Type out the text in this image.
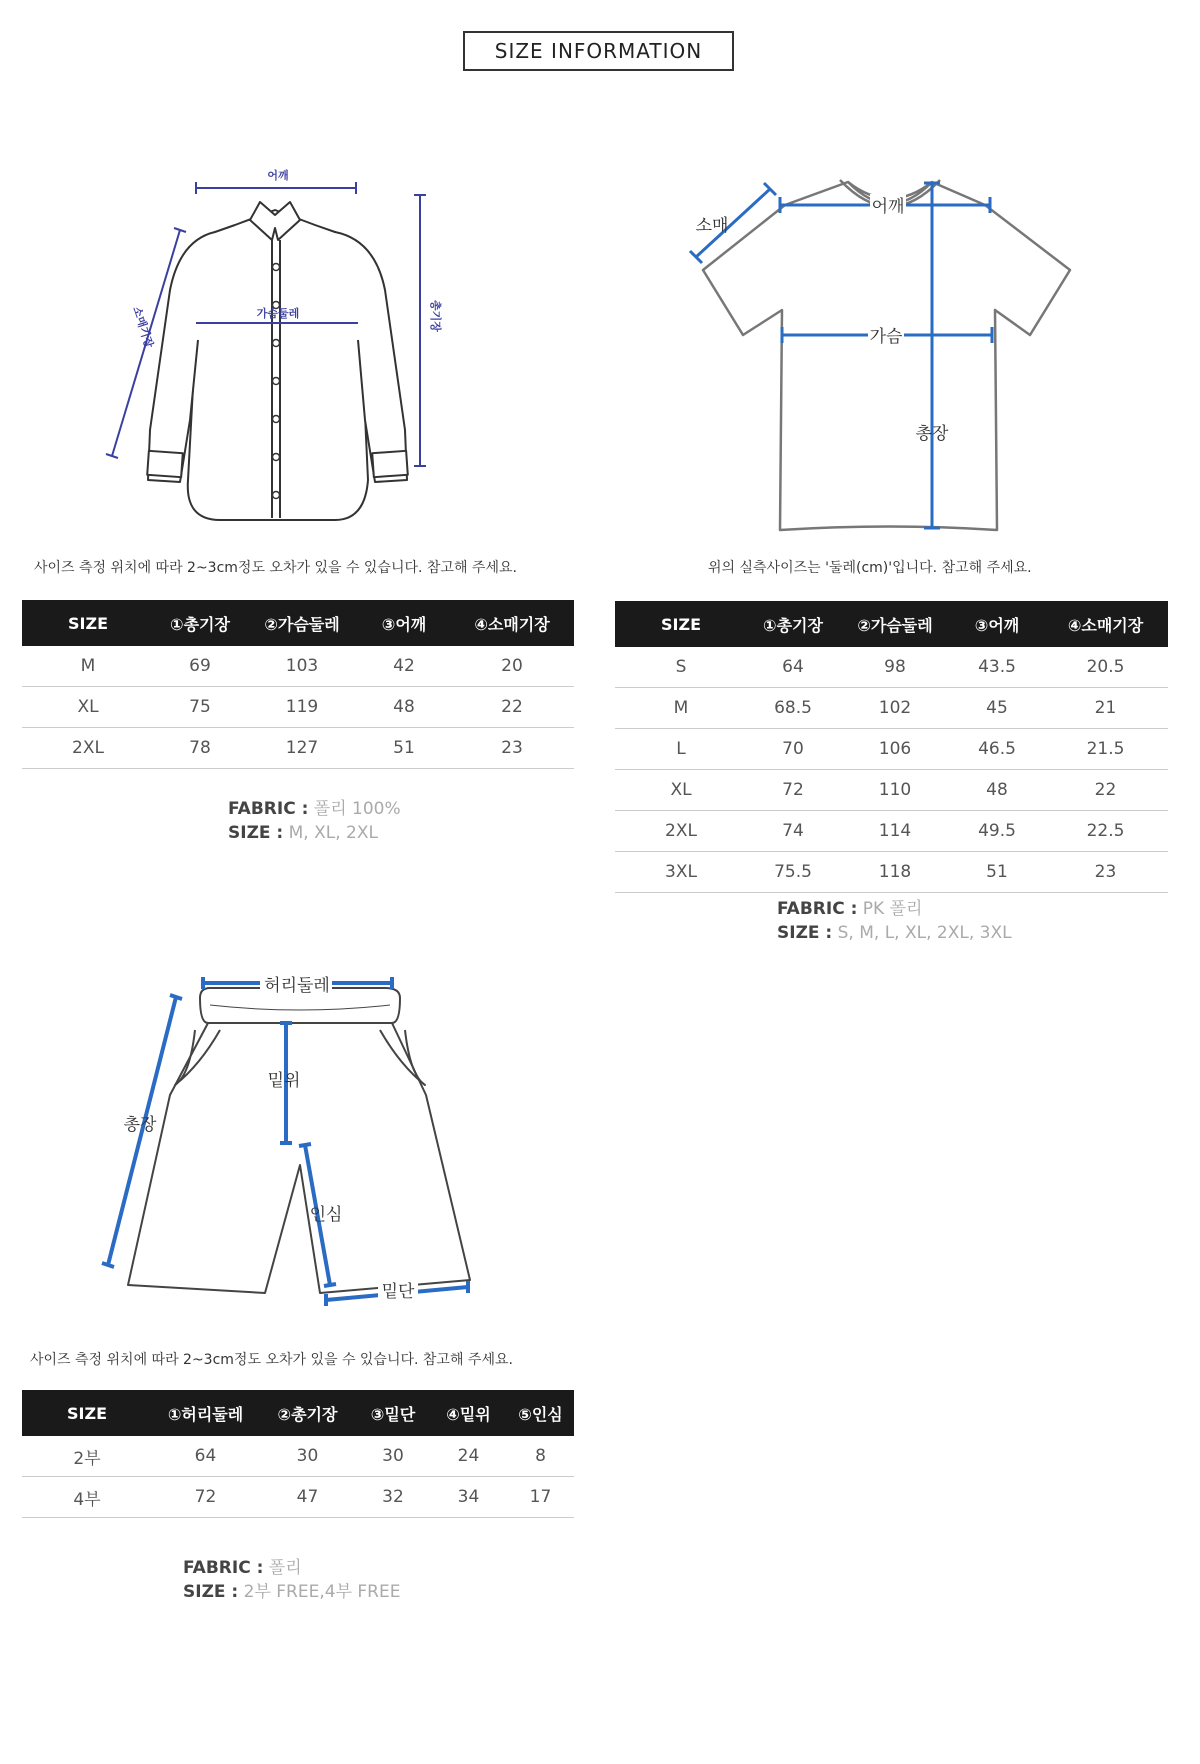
SIZE INFORMATION
어깨
가슴둘레
소매기장	총기장
사이즈 측정 위치에 따라 2~3cm정도 오차가 있을 수 있습니다. 참고해 주세요.
SIZE	①총기장	②가슴둘레	③어깨	④소매기장
M	69	103	42	20
XL	75	119	48	22
2XL	78	127	51	23
FABRIC : 폴리 100%
SIZE : M, XL, 2XL
어깨
가슴
총장
소매
위의 실측사이즈는 '둘레(cm)'입니다. 참고해 주세요.
SIZE	①총기장	②가슴둘레	③어깨	④소매기장
S	64	98	43.5	20.5
M	68.5	102	45	21
L	70	106	46.5	21.5
XL	72	110	48	22
2XL	74	114	49.5	22.5
3XL	75.5	118	51	23
FABRIC : PK 폴리
SIZE : S, M, L, XL, 2XL, 3XL
허리둘레
총장
밑위
인심
밑단
사이즈 측정 위치에 따라 2~3cm정도 오차가 있을 수 있습니다. 참고해 주세요.
SIZE	①허리둘레	②총기장	③밑단	④밑위	⑤인심
2부	64	30	30	24	8
4부	72	47	32	34	17
FABRIC : 폴리
SIZE : 2부 FREE,4부 FREE
